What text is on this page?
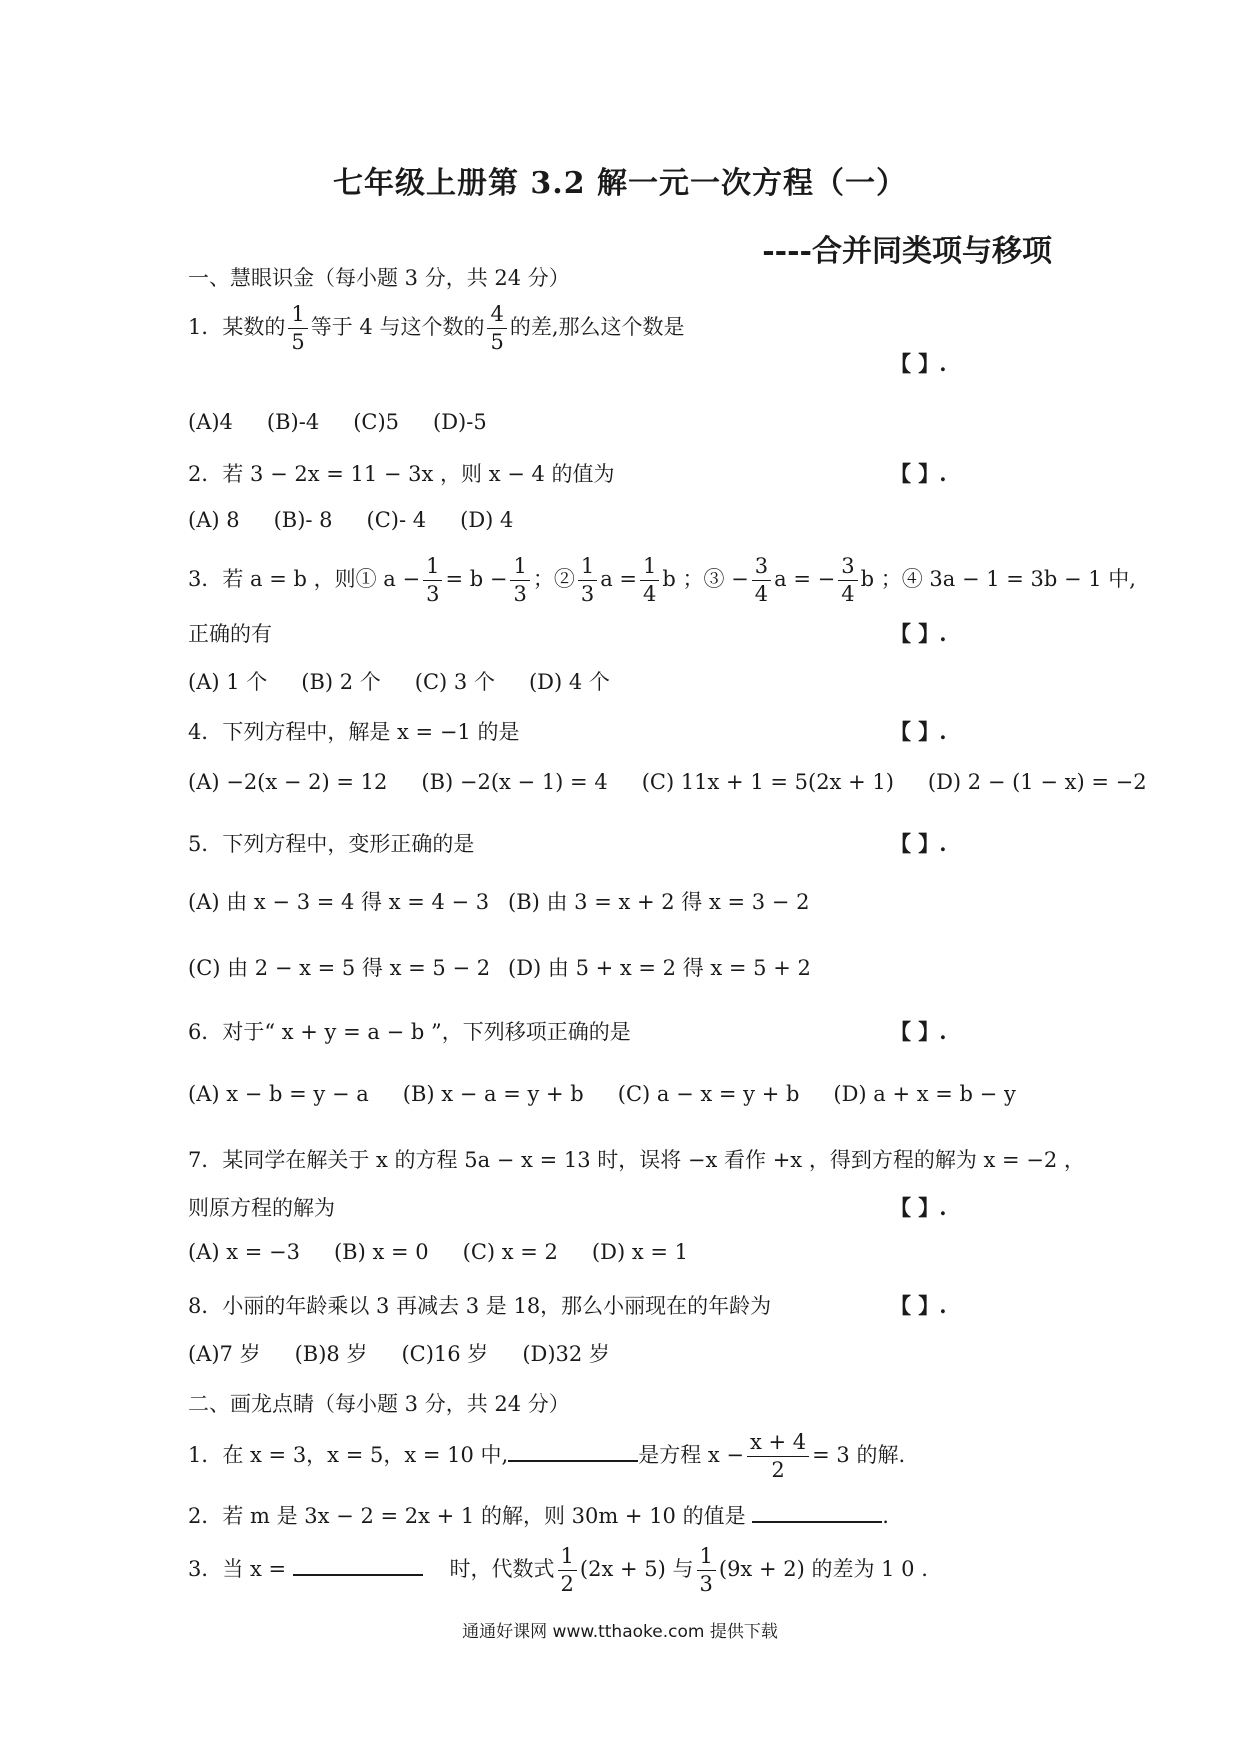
七年级上册第 3.2 解一元一次方程（一）
----合并同类项与移项
一、慧眼识金（每小题 3 分，共 24 分）
1．某数的 $\frac{1}{5}$ 等于 4 与这个数的 $\frac{4}{5}$ 的差,那么这个数是
【 】.
(A)4 (B)-4 (C)5 (D)-5
2．若 3 − 2x = 11 − 3x ，则 x − 4 的值为	【 】.
(A) 8 (B)- 8 (C)- 4 (D) 4
3．若 a = b ，则① $a - \frac{1}{3} = b - \frac{1}{3}$ ；② $\frac{1}{3}$ $a = \frac{1}{4}$ b ；③ − $\frac{3}{4}$ a = − $\frac{3}{4}$ b ；④ 3a − 1 = 3b − 1 中,
正确的有	【 】.
(A) 1 个 (B) 2 个 (C) 3 个 (D) 4 个
4．下列方程中，解是 x = −1 的是	【 】.
(A) −2(x − 2) = 12 (B) −2(x − 1) = 4 (C) 11x + 1 = 5(2x + 1) (D) 2 − (1 − x) = −2
5．下列方程中，变形正确的是	【 】.
(A) 由 x − 3 = 4 得 x = 4 − 3 (B) 由 3 = x + 2 得 x = 3 − 2
(C) 由 2 − x = 5 得 x = 5 − 2 (D) 由 5 + x = 2 得 x = 5 + 2
6．对于“ x + y = a − b ”，下列移项正确的是	【 】.
(A) x − b = y − a (B) x − a = y + b (C) a − x = y + b (D) a + x = b − y
7．某同学在解关于 x 的方程 5a − x = 13 时，误将 −x 看作 +x ，得到方程的解为 x = −2 ，
则原方程的解为	【 】.
(A) x = −3 (B) x = 0 (C) x = 2 (D) x = 1
8．小丽的年龄乘以 3 再减去 3 是 18，那么小丽现在的年龄为	【 】.
(A)7 岁 (B)8 岁 (C)16 岁 (D)32 岁
二、画龙点睛（每小题 3 分，共 24 分）
1．在 x = 3，x = 5，x = 10 中,	是方程 $x - \frac{x + 4}{2} = 3$ 的解.
2．若 m 是 3x − 2 = 2x + 1 的解，则 30m + 10 的值是	.
3．当 x =	时，代数式 $\frac{1}{2} (2x + 5)$ 与 $\frac{1}{3} (9x + 2)$ 的差为 1 0 .
通通好课网 www.tthaoke.com 提供下载
